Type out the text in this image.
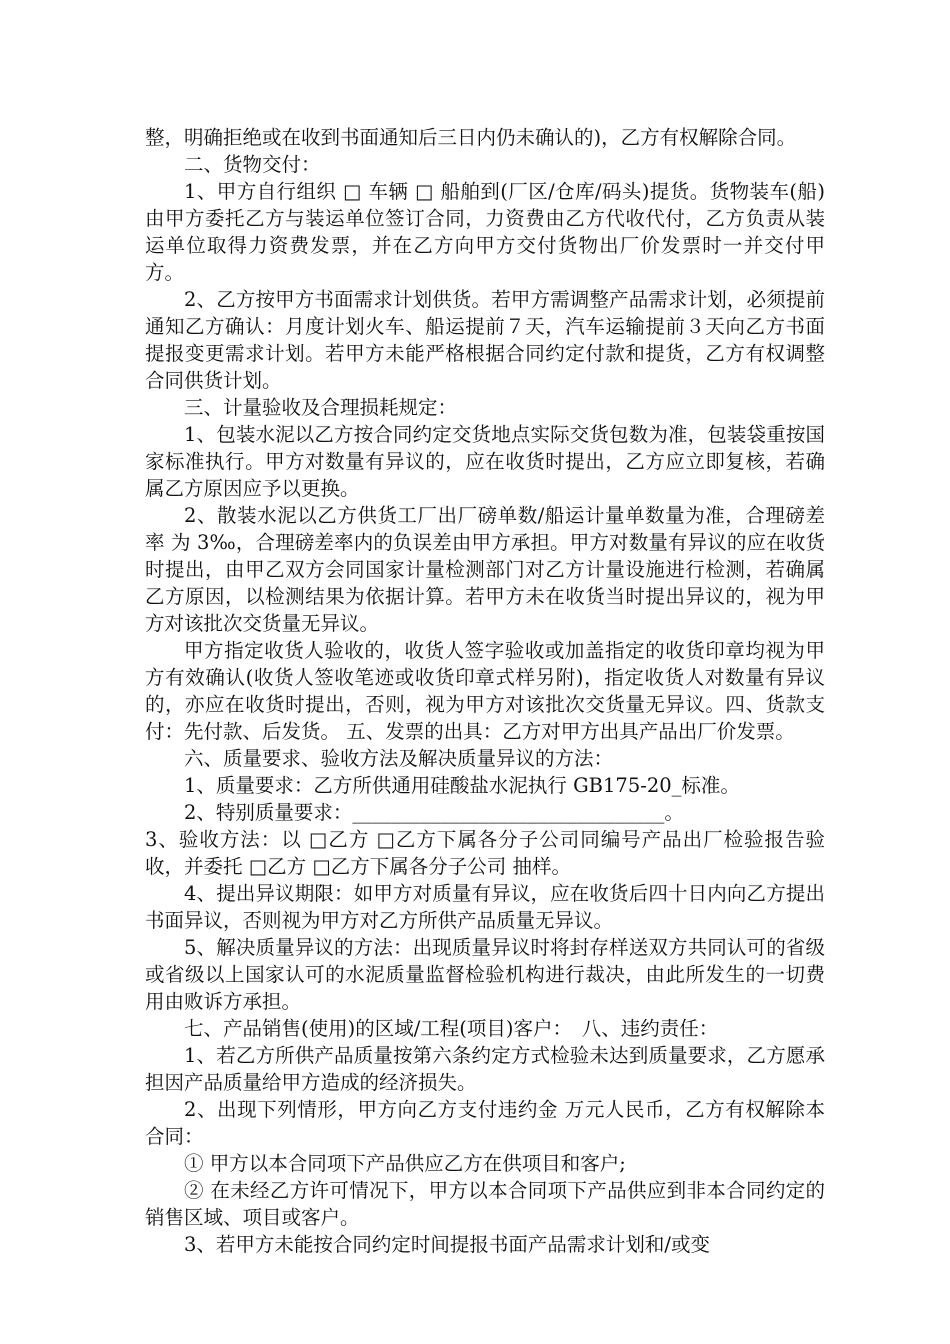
整，明确拒绝或在收到书面通知后三日内仍未确认的)，乙方有权解除合同。

二、货物交付：

1、甲方自行组织 □ 车辆 □ 船舶到(厂区/仓库/码头)提货。货物装车(船)由甲方委托乙方与装运单位签订合同，力资费由乙方代收代付，乙方负责从装运单位取得力资费发票，并在乙方向甲方交付货物出厂价发票时一并交付甲方。

2、乙方按甲方书面需求计划供货。若甲方需调整产品需求计划，必须提前通知乙方确认：月度计划火车、船运提前７天，汽车运输提前３天向乙方书面提报变更需求计划。若甲方未能严格根据合同约定付款和提货，乙方有权调整合同供货计划。

三、计量验收及合理损耗规定：

1、包装水泥以乙方按合同约定交货地点实际交货包数为准，包装袋重按国家标准执行。甲方对数量有异议的，应在收货时提出，乙方应立即复核，若确属乙方原因应予以更换。

2、散装水泥以乙方供货工厂出厂磅单数/船运计量单数量为准，合理磅差率 为 3‰，合理磅差率内的负误差由甲方承担。甲方对数量有异议的应在收货时提出，由甲乙双方会同国家计量检测部门对乙方计量设施进行检测，若确属乙方原因，以检测结果为依据计算。若甲方未在收货当时提出异议的，视为甲方对该批次交货量无异议。

甲方指定收货人验收的，收货人签字验收或加盖指定的收货印章均视为甲方有效确认(收货人签收笔迹或收货印章式样另附)，指定收货人对数量有异议的，亦应在收货时提出，否则，视为甲方对该批次交货量无异议。四、货款支付：先付款、后发货。 五、发票的出具：乙方对甲方出具产品出厂价发票。

六、质量要求、验收方法及解决质量异议的方法：

1、质量要求：乙方所供通用硅酸盐水泥执行 GB175-20_标准。

2、特别质量要求：________________________________。

3、验收方法：以 □乙方 □乙方下属各分子公司同编号产品出厂检验报告验收，并委托 □乙方 □乙方下属各分子公司 抽样。

4、提出异议期限：如甲方对质量有异议，应在收货后四十日内向乙方提出书面异议，否则视为甲方对乙方所供产品质量无异议。

5、解决质量异议的方法：出现质量异议时将封存样送双方共同认可的省级或省级以上国家认可的水泥质量监督检验机构进行裁决，由此所发生的一切费用由败诉方承担。

七、产品销售(使用)的区域/工程(项目)客户：　八、违约责任：

1、若乙方所供产品质量按第六条约定方式检验未达到质量要求，乙方愿承担因产品质量给甲方造成的经济损失。

2、出现下列情形，甲方向乙方支付违约金 万元人民币，乙方有权解除本合同：

① 甲方以本合同项下产品供应乙方在供项目和客户;

② 在未经乙方许可情况下，甲方以本合同项下产品供应到非本合同约定的销售区域、项目或客户。

3、若甲方未能按合同约定时间提报书面产品需求计划和/或变
